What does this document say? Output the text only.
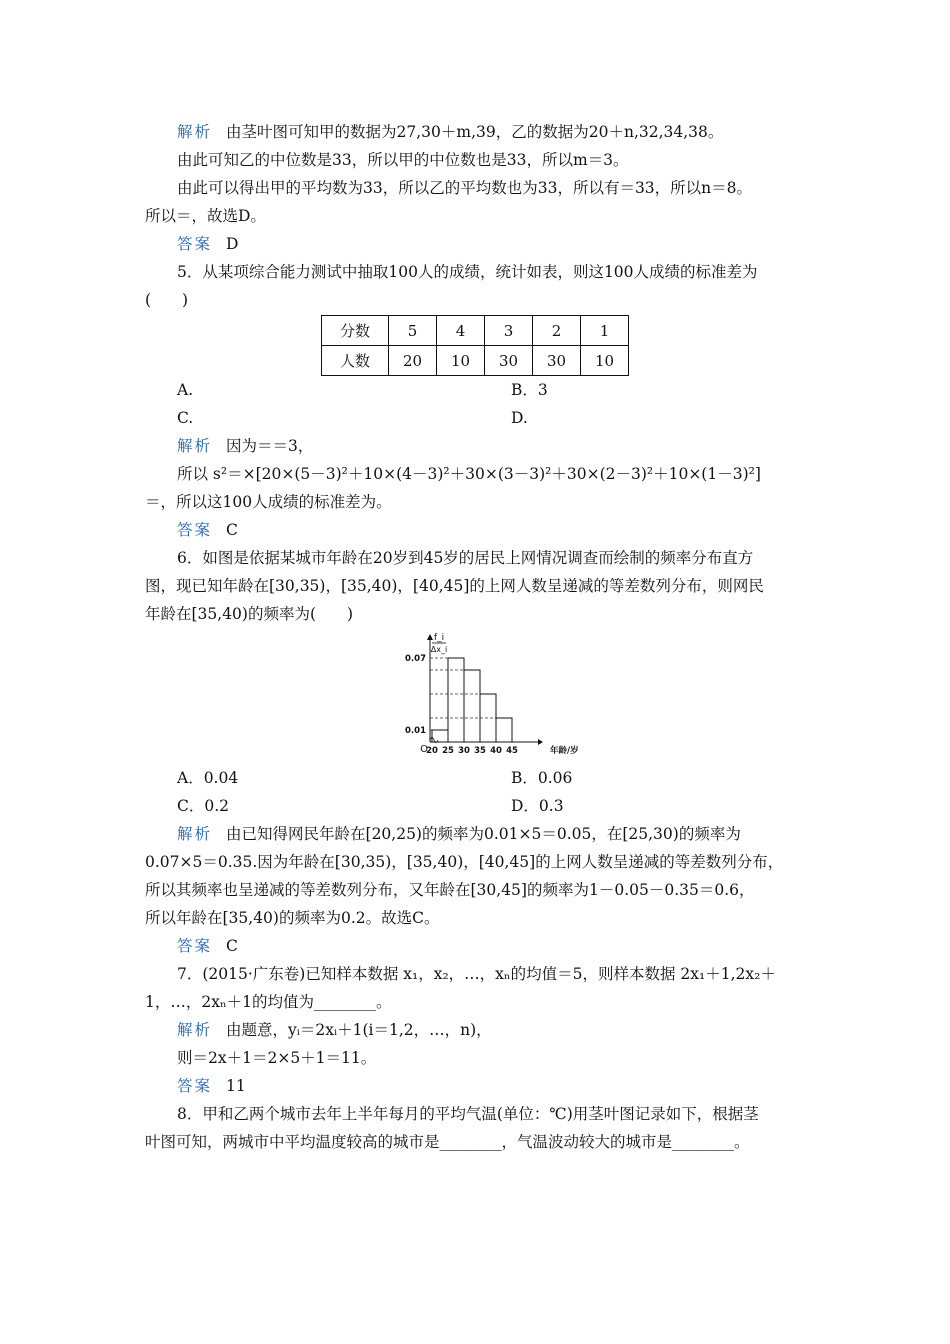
解析 由茎叶图可知甲的数据为27,30＋m,39，乙的数据为20＋n,32,34,38。
由此可知乙的中位数是33，所以甲的中位数也是33，所以m＝3。
由此可以得出甲的平均数为33，所以乙的平均数也为33，所以有＝33，所以n＝8。
所以＝，故选D。
答案 D
5．从某项综合能力测试中抽取100人的成绩，统计如表，则这100人成绩的标准差为
(　　)
分数	5	4	3	2	1
人数	20	10	30	30	10
A.	B．3
C.	D.
解析 因为＝＝3，
所以 s²＝×[20×(5－3)²＋10×(4－3)²＋30×(3－3)²＋30×(2－3)²＋10×(1－3)²]
＝，所以这100人成绩的标准差为。
答案 C
6．如图是依据某城市年龄在20岁到45岁的居民上网情况调查而绘制的频率分布直方
图，现已知年龄在[30,35)，[35,40)，[40,45]的上网人数呈递减的等差数列分布，则网民
年龄在[35,40)的频率为(　　)
0.07
0.01
20 25 30 35 40 45
O	年龄/岁
f_i
Δx_i
A．0.04	B．0.06
C．0.2	D．0.3
解析 由已知得网民年龄在[20,25)的频率为0.01×5＝0.05，在[25,30)的频率为
0.07×5＝0.35.因为年龄在[30,35)，[35,40)，[40,45]的上网人数呈递减的等差数列分布，
所以其频率也呈递减的等差数列分布，又年龄在[30,45]的频率为1－0.05－0.35＝0.6，
所以年龄在[35,40)的频率为0.2。故选C。
答案 C
7．(2015·广东卷)已知样本数据 x₁，x₂，…，xₙ的均值＝5，则样本数据 2x₁＋1,2x₂＋
1，…，2xₙ＋1的均值为________。
解析 由题意，yᵢ＝2xᵢ＋1(i＝1,2，…，n)，
则＝2x＋1＝2×5＋1＝11。
答案 11
8．甲和乙两个城市去年上半年每月的平均气温(单位：℃)用茎叶图记录如下，根据茎
叶图可知，两城市中平均温度较高的城市是________，气温波动较大的城市是________。
